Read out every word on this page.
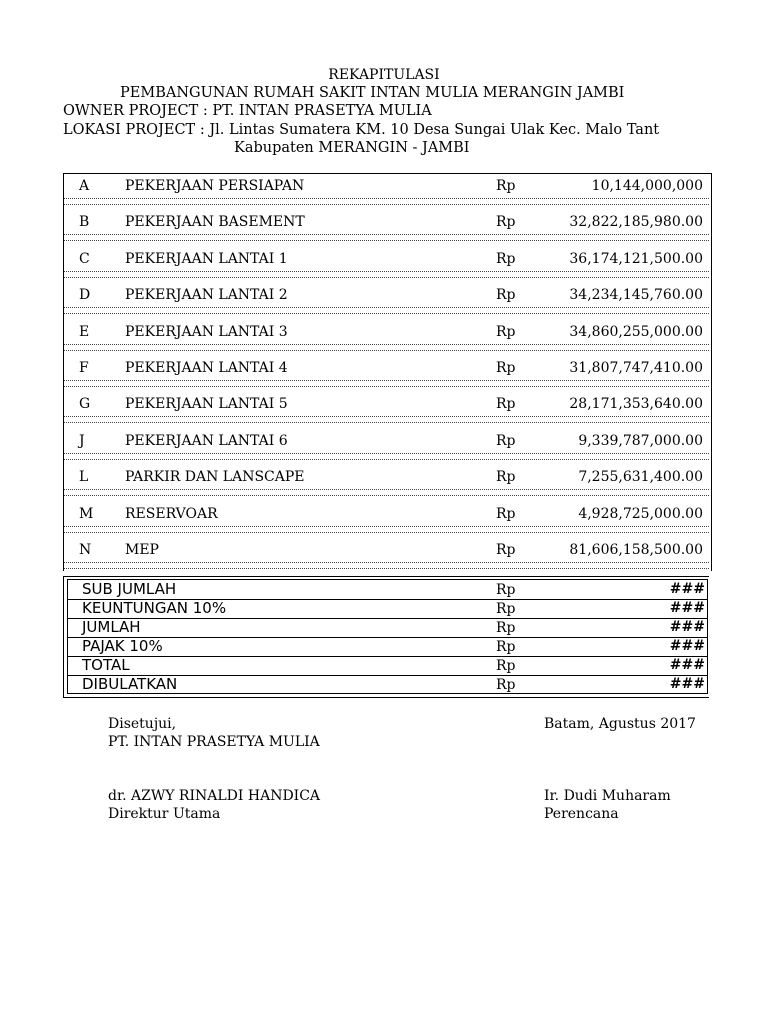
REKAPITULASI
PEMBANGUNAN RUMAH SAKIT INTAN MULIA MERANGIN JAMBI
OWNER PROJECT : PT. INTAN PRASETYA MULIA
LOKASI PROJECT : Jl. Lintas Sumatera KM. 10 Desa Sungai Ulak Kec. Malo Tant
Kabupaten MERANGIN - JAMBI
A	PEKERJAAN PERSIAPAN	Rp	10,144,000,000
B	PEKERJAAN BASEMENT	Rp	32,822,185,980.00
C	PEKERJAAN LANTAI 1	Rp	36,174,121,500.00
D PEKERJAAN LANTAI 2	Rp	34,234,145,760.00
E	PEKERJAAN LANTAI 3	Rp	34,860,255,000.00
F	PEKERJAAN LANTAI 4	Rp	31,807,747,410.00
G PEKERJAAN LANTAI 5	Rp	28,171,353,640.00
J	PEKERJAAN LANTAI 6	Rp	9,339,787,000.00
L	PARKIR DAN LANSCAPE	Rp	7,255,631,400.00
M RESERVOAR	Rp	4,928,725,000.00
N MEP	Rp	81,606,158,500.00
SUB JUMLAH	Rp	###
KEUNTUNGAN 10%	Rp	###
JUMLAH	Rp	###
PAJAK 10%	Rp	###
TOTAL	Rp	###
DIBULATKAN	Rp	###
Disetujui,
PT. INTAN PRASETYA MULIA
dr. AZWY RINALDI HANDICA
Direktur Utama
Batam, Agustus 2017
Ir. Dudi Muharam
Perencana
